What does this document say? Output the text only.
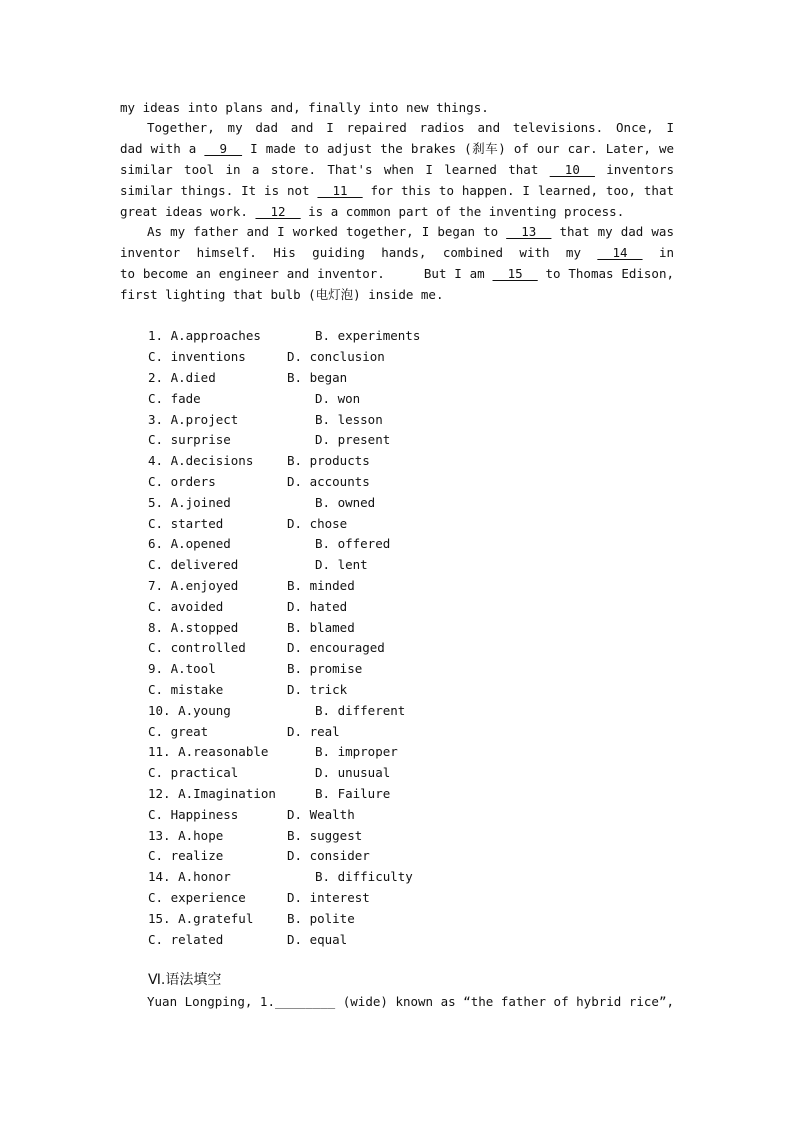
my ideas into plans and, finally into new things.
Together, my dad and I repaired radios and televisions. Once, I
dad with a __9__ I made to adjust the brakes (刹车) of our car. Later, we
similar tool in a store. That's when I learned that __10__ inventors
similar things. It is not __11__ for this to happen. I learned, too, that
great ideas work. __12__ is a common part of the inventing process.
As my father and I worked together, I began to __13__ that my dad was
inventor himself. His guiding hands, combined with my __14__ in
to become an engineer and inventor.     But I am __15__ to Thomas Edison,
first lighting that bulb (电灯泡) inside me.
1. A.approaches	B. experiments
C. inventions	D. conclusion
2. A.died	B. began
C. fade	D. won
3. A.project	B. lesson
C. surprise	D. present
4. A.decisions	B. products
C. orders	D. accounts
5. A.joined	B. owned
C. started	D. chose
6. A.opened	B. offered
C. delivered	D. lent
7. A.enjoyed	B. minded
C. avoided	D. hated
8. A.stopped	B. blamed
C. controlled	D. encouraged
9. A.tool	B. promise
C. mistake	D. trick
10. A.young	B. different
C. great	D. real
11. A.reasonable	B. improper
C. practical	D. unusual
12. A.Imagination	B. Failure
C. Happiness	D. Wealth
13. A.hope	B. suggest
C. realize	D. consider
14. A.honor	B. difficulty
C. experience	D. interest
15. A.grateful	B. polite
C. related	D. equal
Ⅵ.语法填空
Yuan Longping, 1.________ (wide) known as “the father of hybrid rice”,
